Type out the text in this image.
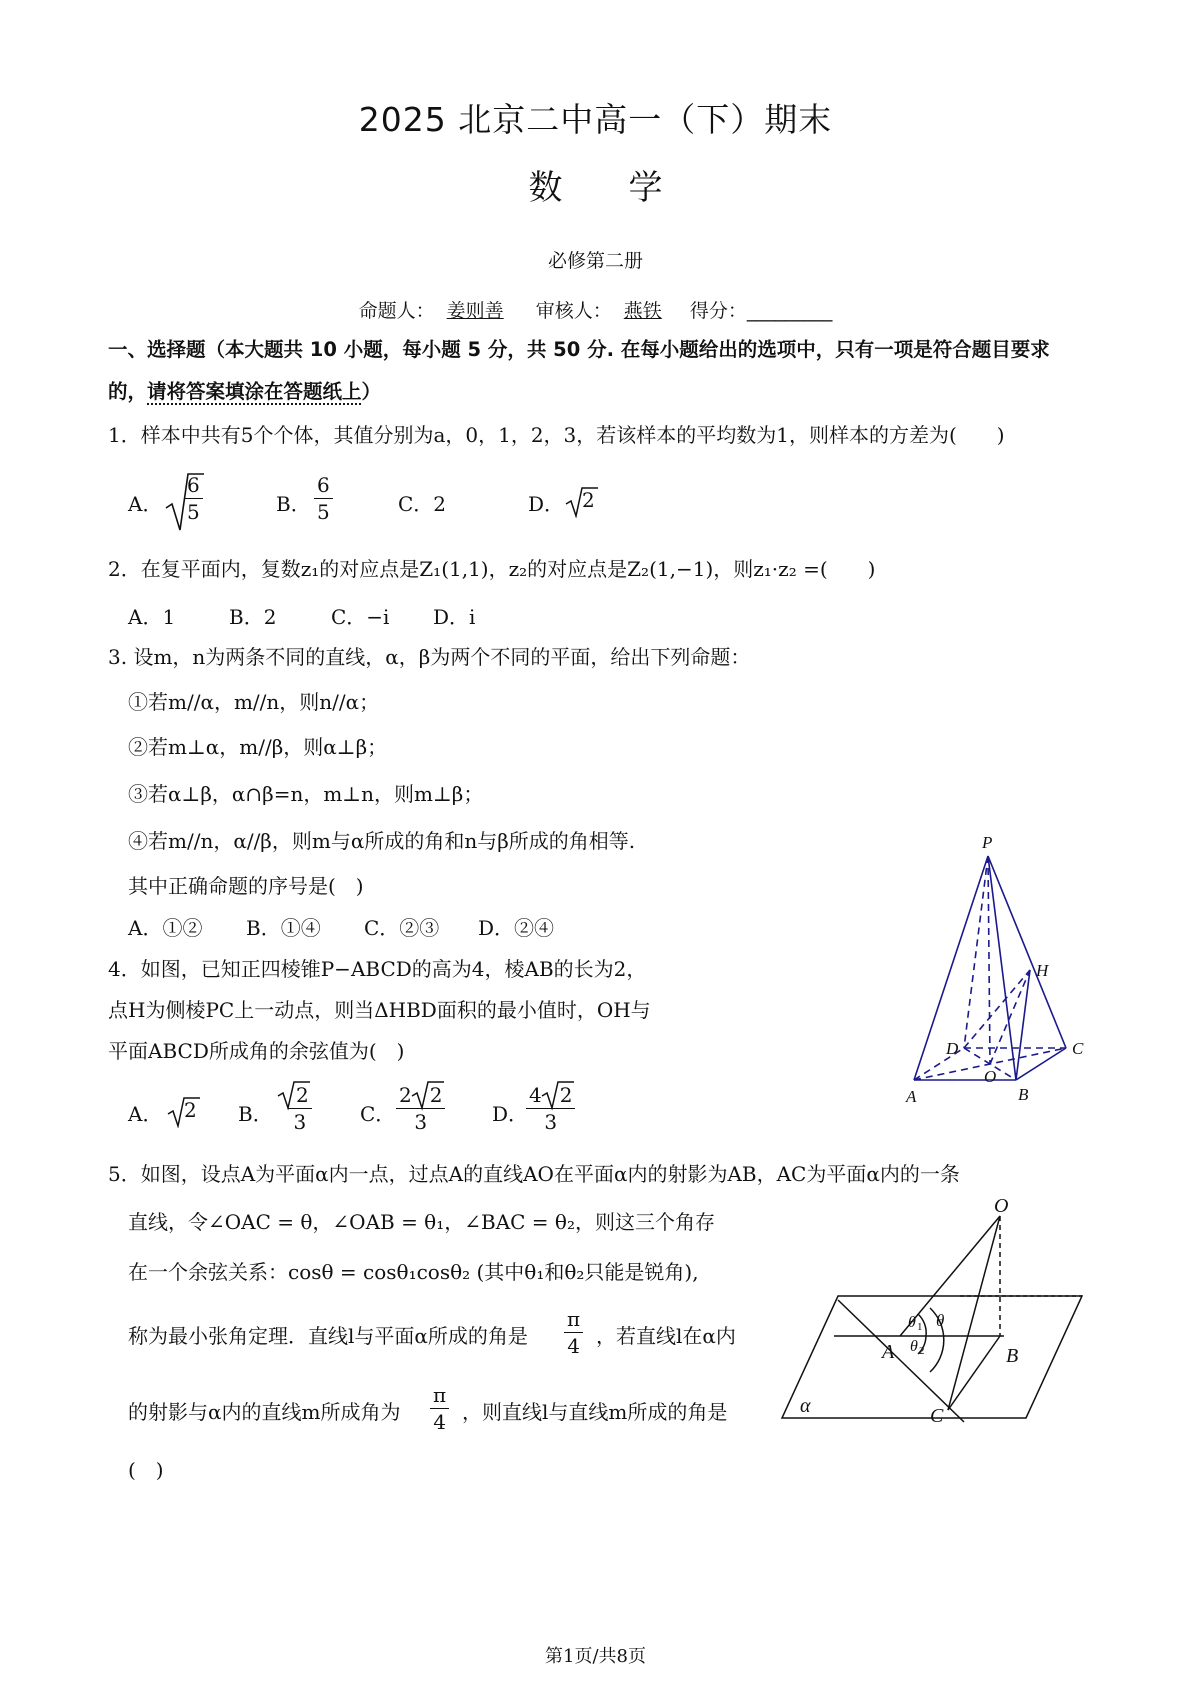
2025 北京二中高一（下）期末
数 学
必修第二册
命题人： 姜则善 审核人： 燕铁 得分：_________
一、选择题（本大题共 10 小题，每小题 5 分，共 50 分. 在每小题给出的选项中，只有一项是符合题目要求
的，请将答案填涂在答题纸上）
1．样本中共有5个个体，其值分别为a，0，1，2，3，若该样本的平均数为1，则样本的方差为(　　)
A． $\frac{6}{5}$	B． $\frac{6}{5}$	C．2	D． 2
2．在复平面内，复数z₁的对应点是Z₁(1,1)，z₂的对应点是Z₂(1,−1)，则z₁·z₂ =(　　)
A．1	B．2	C．−i D．i
3. 设m，n为两条不同的直线，α，β为两个不同的平面，给出下列命题：
①若m//α，m//n，则n//α；
②若m⊥α，m//β，则α⊥β；
③若α⊥β，α∩β=n，m⊥n，则m⊥β；
④若m//n，α//β，则m与α所成的角和n与β所成的角相等.
其中正确命题的序号是(　)
A．①② B．①④ C．②③ D．②④
4．如图，已知正四棱锥P−ABCD的高为4，棱AB的长为2，
点H为侧棱PC上一动点，则当ΔHBD面积的最小值时，OH与
平面ABCD所成角的余弦值为(　)
A． 2 B． $\frac{2}{3}$ C． $\frac{2 2}{3}$ D．
$\frac{4 2}{3}$
P
H
C
D
O
A	B
5．如图，设点A为平面α内一点，过点A的直线AO在平面α内的射影为AB，AC为平面α内的一条
直线，令∠OAC = θ，∠OAB = θ₁，∠BAC = θ₂，则这三个角存
在一个余弦关系：cosθ = cosθ₁cosθ₂ (其中θ₁和θ₂只能是锐角),
称为最小张角定理．直线l与平面α所成的角是 $\frac{\pi}{4}$ ，若直线l在α内
的射影与α内的直线m所成角为 $\frac{\pi}{4}$ ，则直线l与直线m所成的角是
(　)
O
A	B
C
α
θ
θ 1
θ 2
第1页/共8页
